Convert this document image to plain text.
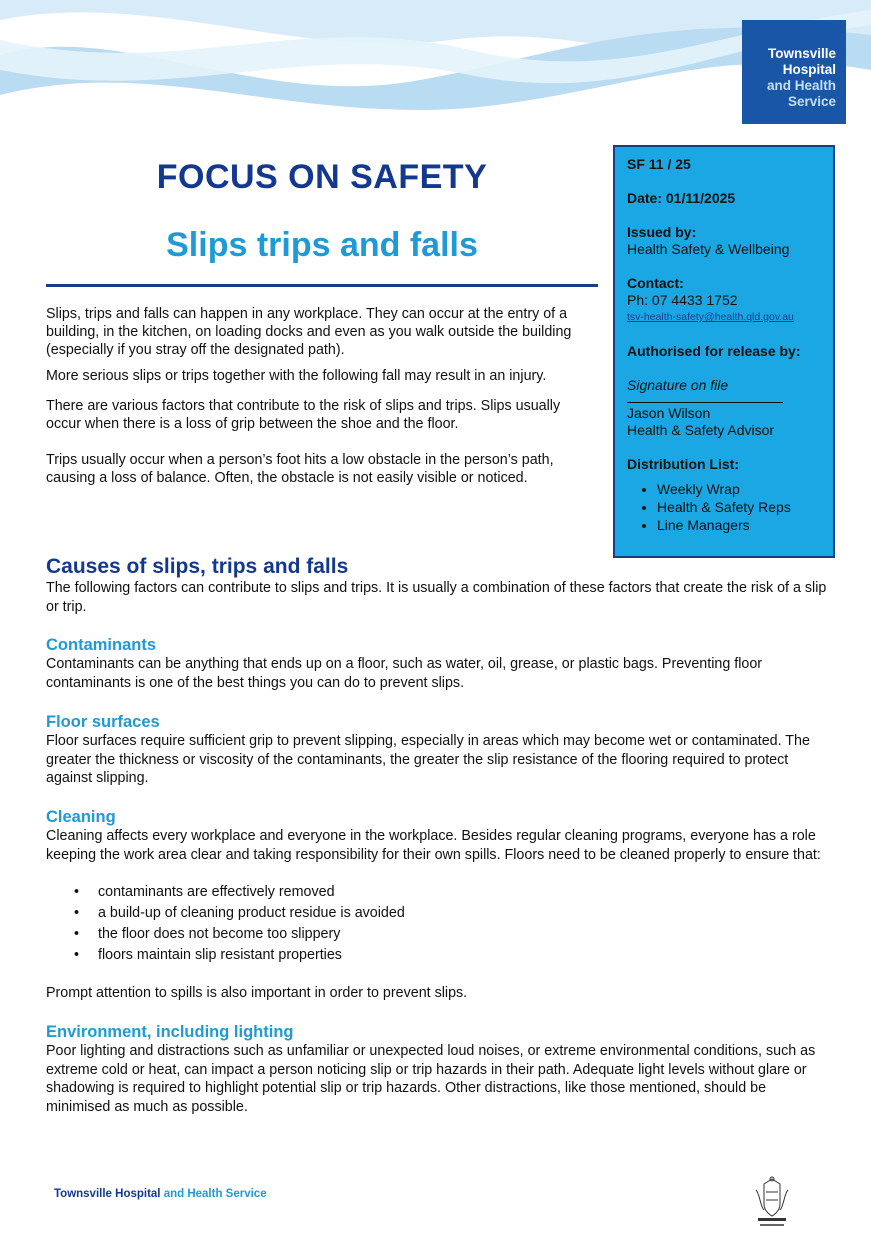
Townsville
Hospital
and Health
Service
FOCUS ON SAFETY
Slips trips and falls

SF 11 / 25

Date: 01/11/2025

Issued by:

Health Safety & Wellbeing

Contact:

Ph: 07 4433 1752

tsv-health-safety@health.qld.gov.au

Authorised for release by:

Signature on file

Jason Wilson

Health & Safety Advisor

Distribution List:

• Weekly Wrap
• Health & Safety Reps
• Line Managers

Slips, trips and falls can happen in any workplace. They can occur at the entry of a building, in the kitchen, on loading docks and even as you walk outside the building (especially if you stray off the designated path).

More serious slips or trips together with the following fall may result in an injury.

There are various factors that contribute to the risk of slips and trips. Slips usually occur when there is a loss of grip between the shoe and the floor.

Trips usually occur when a person’s foot hits a low obstacle in the person’s path, causing a loss of balance. Often, the obstacle is not easily visible or noticed.

Causes of slips, trips and falls

The following factors can contribute to slips and trips. It is usually a combination of these factors that create the risk of a slip or trip.

Contaminants

Contaminants can be anything that ends up on a floor, such as water, oil, grease, or plastic bags. Preventing floor contaminants is one of the best things you can do to prevent slips.

Floor surfaces

Floor surfaces require sufficient grip to prevent slipping, especially in areas which may become wet or contaminated. The greater the thickness or viscosity of the contaminants, the greater the slip resistance of the flooring required to protect against slipping.

Cleaning

Cleaning affects every workplace and everyone in the workplace. Besides regular cleaning programs, everyone has a role keeping the work area clear and taking responsibility for their own spills. Floors need to be cleaned properly to ensure that:

• contaminants are effectively removed
• a build-up of cleaning product residue is avoided
• the floor does not become too slippery
• floors maintain slip resistant properties

Prompt attention to spills is also important in order to prevent slips.

Environment, including lighting

Poor lighting and distractions such as unfamiliar or unexpected loud noises, or extreme environmental conditions, such as extreme cold or heat, can impact a person noticing slip or trip hazards in their path. Adequate light levels without glare or shadowing is required to highlight potential slip or trip hazards. Other distractions, like those mentioned, should be minimised as much as possible.

Townsville Hospital and Health Service
